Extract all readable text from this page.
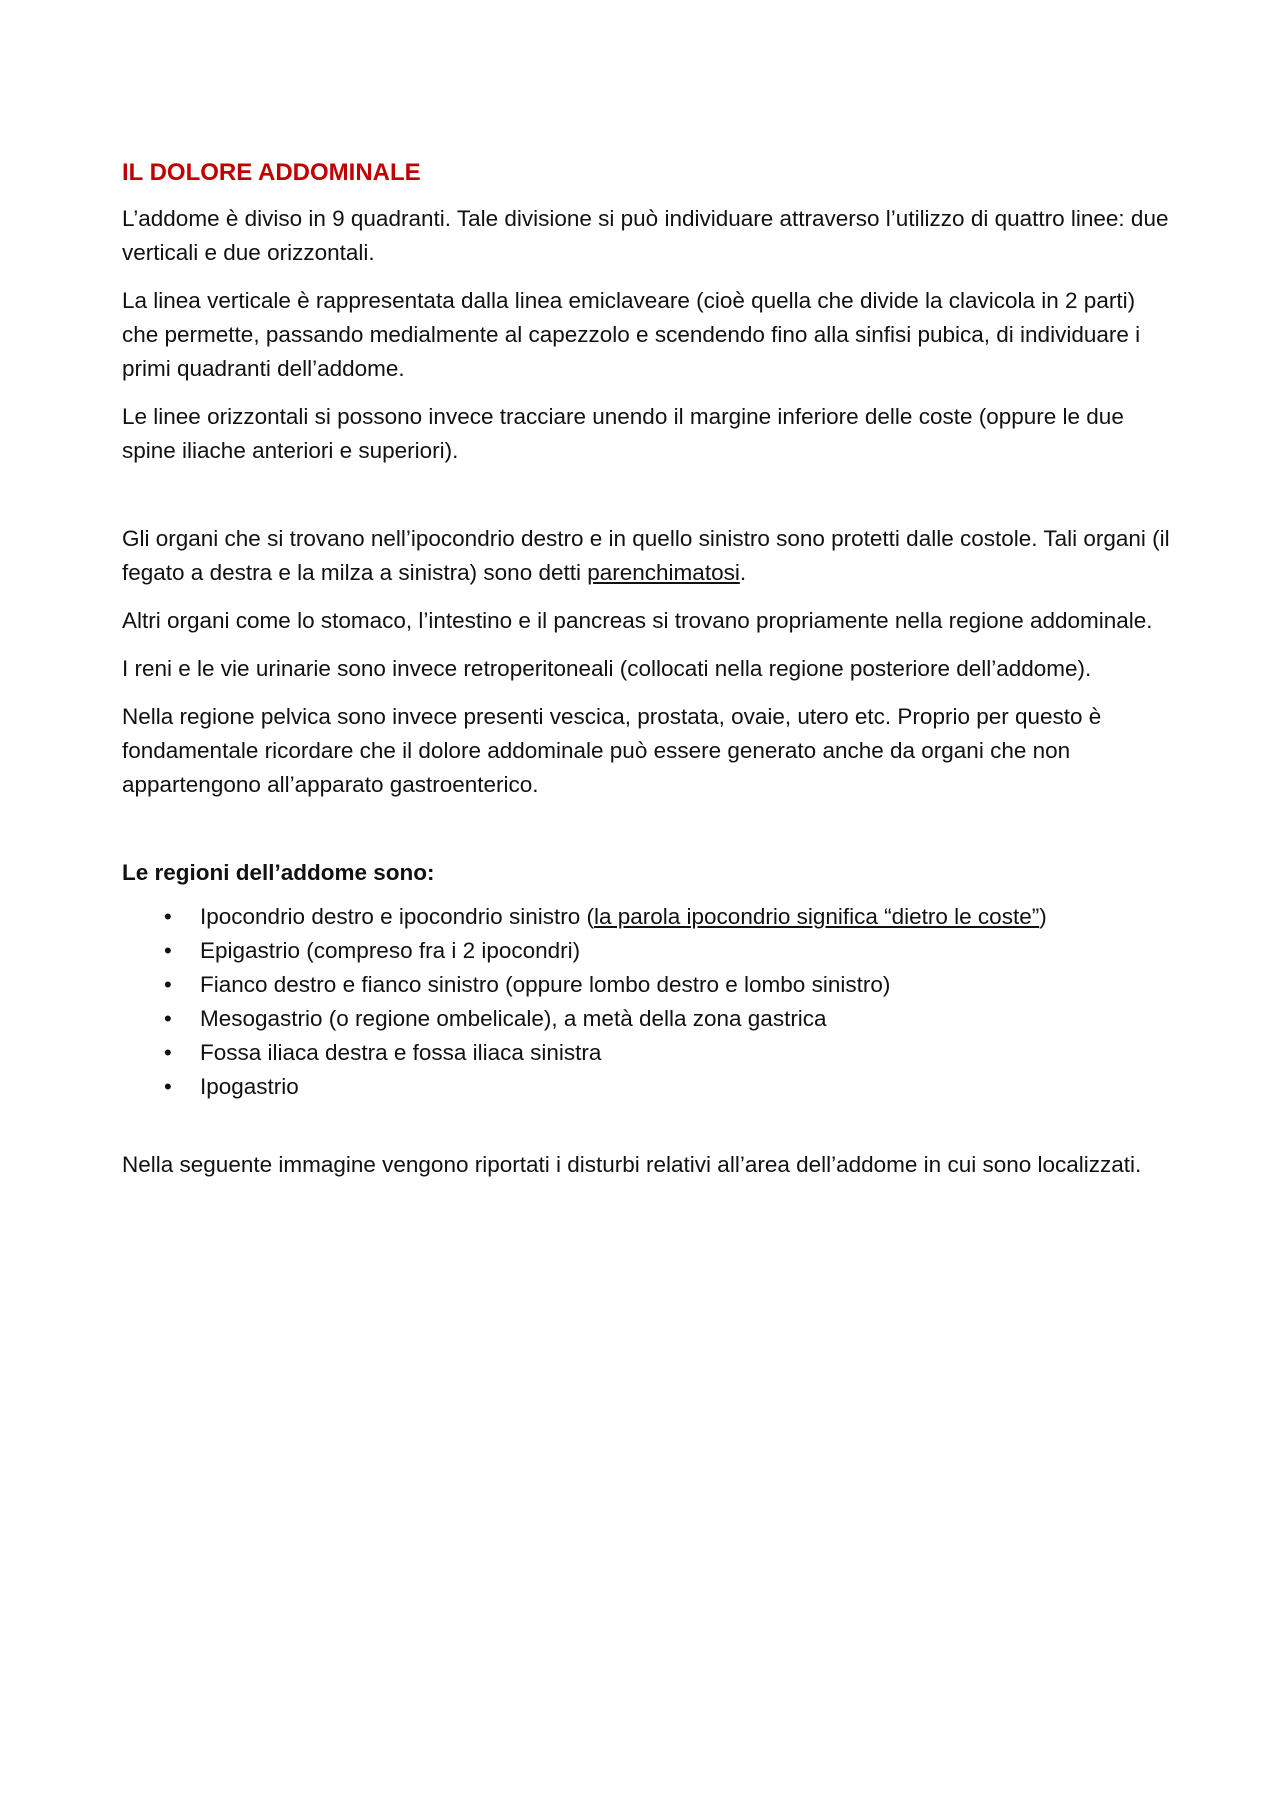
IL DOLORE ADDOMINALE

L’addome è diviso in 9 quadranti. Tale divisione si può individuare attraverso l’utilizzo di quattro linee: due verticali e due orizzontali.

La linea verticale è rappresentata dalla linea emiclaveare (cioè quella che divide la clavicola in 2 parti) che permette, passando medialmente al capezzolo e scendendo fino alla sinfisi pubica, di individuare i primi quadranti dell’addome.

Le linee orizzontali si possono invece tracciare unendo il margine inferiore delle coste (oppure le due spine iliache anteriori e superiori).

Gli organi che si trovano nell’ipocondrio destro e in quello sinistro sono protetti dalle costole. Tali organi (il fegato a destra e la milza a sinistra) sono detti parenchimatosi.

Altri organi come lo stomaco, l’intestino e il pancreas si trovano propriamente nella regione addominale.

I reni e le vie urinarie sono invece retroperitoneali (collocati nella regione posteriore dell’addome).

Nella regione pelvica sono invece presenti vescica, prostata, ovaie, utero etc. Proprio per questo è fondamentale ricordare che il dolore addominale può essere generato anche da organi che non appartengono all’apparato gastroenterico.

Le regioni dell’addome sono:
• Ipocondrio destro e ipocondrio sinistro (la parola ipocondrio significa “dietro le coste”)
• Epigastrio (compreso fra i 2 ipocondri)
• Fianco destro e fianco sinistro (oppure lombo destro e lombo sinistro)
• Mesogastrio (o regione ombelicale), a metà della zona gastrica
• Fossa iliaca destra e fossa iliaca sinistra
• Ipogastrio

Nella seguente immagine vengono riportati i disturbi relativi all’area dell’addome in cui sono localizzati.
